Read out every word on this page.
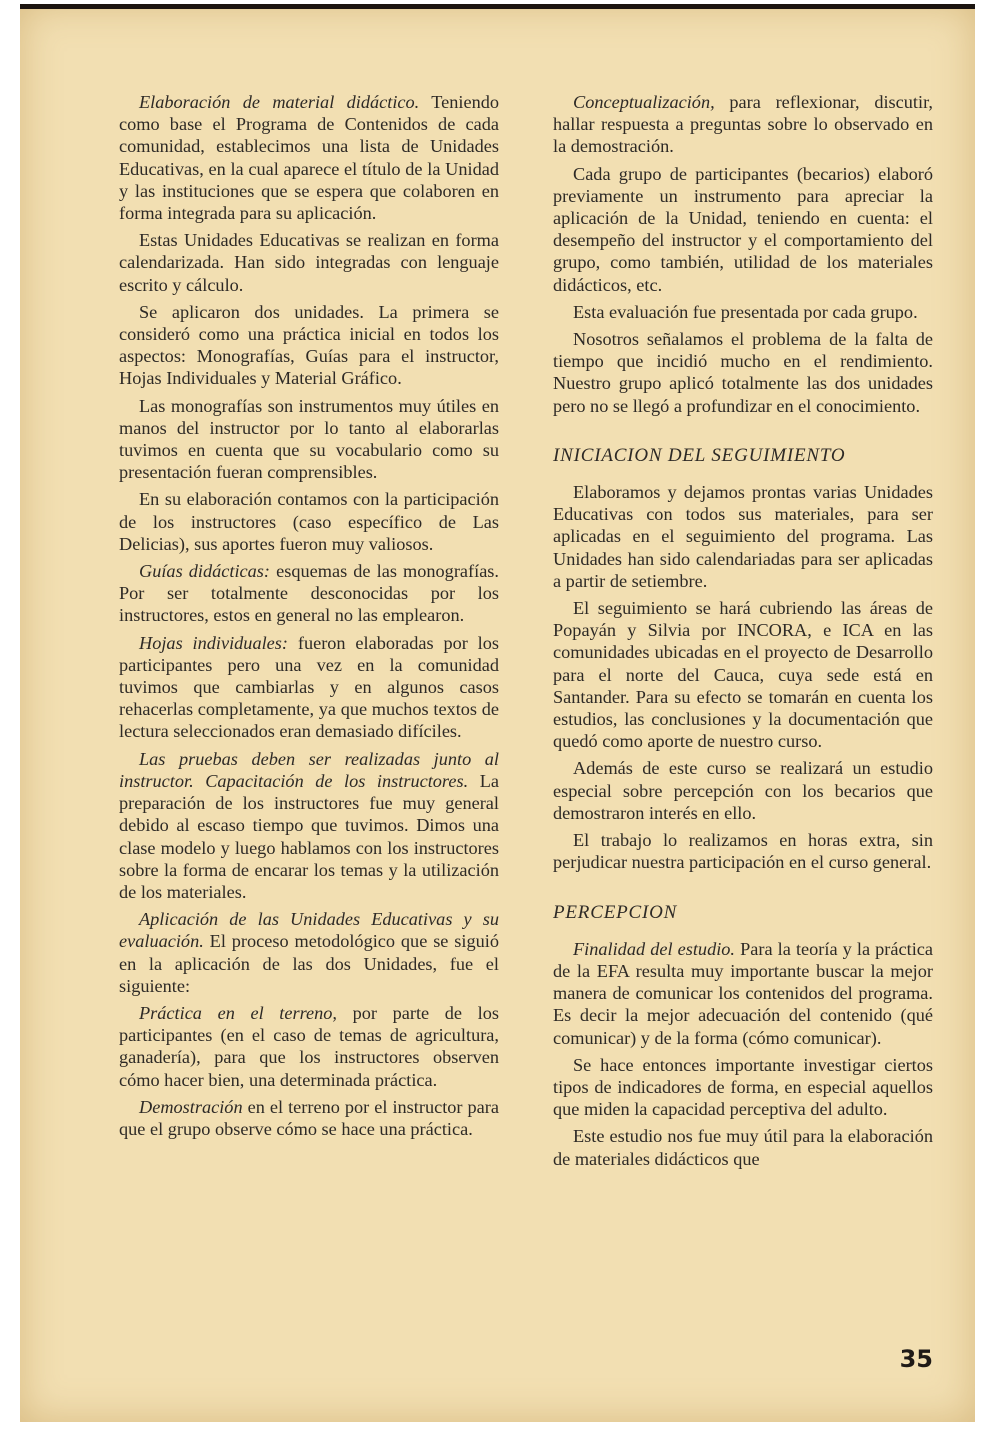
Elaboración de material didáctico. Teniendo como base el Programa de Contenidos de cada comunidad, establecimos una lista de Unidades Educativas, en la cual aparece el título de la Unidad y las instituciones que se espera que colaboren en forma integrada para su aplicación.

Estas Unidades Educativas se realizan en forma calendarizada. Han sido integradas con lenguaje escrito y cálculo.

Se aplicaron dos unidades. La primera se consideró como una práctica inicial en todos los aspectos: Monografías, Guías para el instructor, Hojas Individuales y Material Gráfico.

Las monografías son instrumentos muy útiles en manos del instructor por lo tanto al elaborarlas tuvimos en cuenta que su vocabulario como su presentación fueran comprensibles.

En su elaboración contamos con la participación de los instructores (caso específico de Las Delicias), sus aportes fueron muy valiosos.

Guías didácticas: esquemas de las monografías. Por ser totalmente desconocidas por los instructores, estos en general no las emplearon.

Hojas individuales: fueron elaboradas por los participantes pero una vez en la comunidad tuvimos que cambiarlas y en algunos casos rehacerlas completamente, ya que muchos textos de lectura seleccionados eran demasiado difíciles.

Las pruebas deben ser realizadas junto al instructor. Capacitación de los instructores. La preparación de los instructores fue muy general debido al escaso tiempo que tuvimos. Dimos una clase modelo y luego hablamos con los instructores sobre la forma de encarar los temas y la utilización de los materiales.

Aplicación de las Unidades Educativas y su evaluación. El proceso metodológico que se siguió en la aplicación de las dos Unidades, fue el siguiente:

Práctica en el terreno, por parte de los participantes (en el caso de temas de agricultura, ganadería), para que los instructores observen cómo hacer bien, una determinada práctica.

Demostración en el terreno por el instructor para que el grupo observe cómo se hace una práctica.

Conceptualización, para reflexionar, discutir, hallar respuesta a preguntas sobre lo observado en la demostración.

Cada grupo de participantes (becarios) elaboró previamente un instrumento para apreciar la aplicación de la Unidad, teniendo en cuenta: el desempeño del instructor y el comportamiento del grupo, como también, utilidad de los materiales didácticos, etc.

Esta evaluación fue presentada por cada grupo.

Nosotros señalamos el problema de la falta de tiempo que incidió mucho en el rendimiento. Nuestro grupo aplicó totalmente las dos unidades pero no se llegó a profundizar en el conocimiento.

INICIACION DEL SEGUIMIENTO

Elaboramos y dejamos prontas varias Unidades Educativas con todos sus materiales, para ser aplicadas en el seguimiento del programa. Las Unidades han sido calendariadas para ser aplicadas a partir de setiembre.

El seguimiento se hará cubriendo las áreas de Popayán y Silvia por INCORA, e ICA en las comunidades ubicadas en el proyecto de Desarrollo para el norte del Cauca, cuya sede está en Santander. Para su efecto se tomarán en cuenta los estudios, las conclusiones y la documentación que quedó como aporte de nuestro curso.

Además de este curso se realizará un estudio especial sobre percepción con los becarios que demostraron interés en ello.

El trabajo lo realizamos en horas extra, sin perjudicar nuestra participación en el curso general.

PERCEPCION

Finalidad del estudio. Para la teoría y la práctica de la EFA resulta muy importante buscar la mejor manera de comunicar los contenidos del programa. Es decir la mejor adecuación del contenido (qué comunicar) y de la forma (cómo comunicar).

Se hace entonces importante investigar ciertos tipos de indicadores de forma, en especial aquellos que miden la capacidad perceptiva del adulto.

Este estudio nos fue muy útil para la elaboración de materiales didácticos que

35
